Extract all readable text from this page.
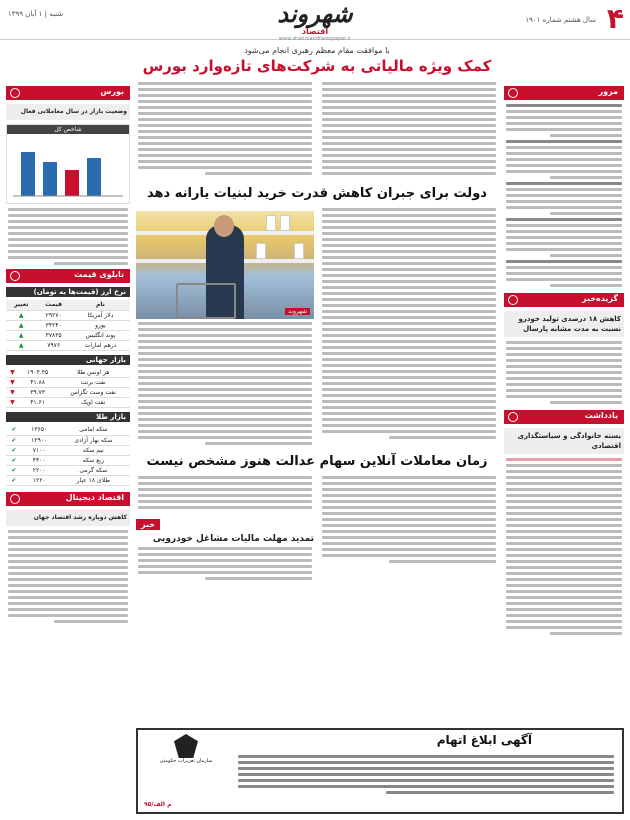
۴
سال هشتم شماره ۱۹۰۱
شنبه | ۱ آبان ۱۳۹۹	شهروند
اقتصاد
www.shahrvandnewspaper.ir
مرور
گزیده‌خبر
کاهش ۱۸ درصدی تولید خودرو نسبت به مدت مشابه پارسال
یادداشت
بسته خانوادگی و سیاستگذاری اقتصادی
با موافقت مقام معظم رهبری انجام می‌شود
کمک ویژه مالیاتی به شرکت‌های تازه‌وارد بورس
دولت برای جبران کاهش قدرت خرید لبنیات یارانه دهد
شهروند
زمان معاملات آنلاین سهام عدالت هنوز مشخص نیست
خبر
تمدید مهلت مالیات مشاغل خودرویی
بورس
وضعیت بازار در سال معاملاتی فعال
شاخص کل
تابلوی قیمت
نرخ ارز (قیمت‌ها به تومان)
نام	قیمت	تغییر
دلار آمریکا	۲۹۲۷۰	▲
یورو	۳۴۲۴۰	▲
پوند انگلیس	۳۷۸۳۵	▲
درهم امارات	۷۹۷۶	▲
بازار جهانی
هر اونس طلا	۱۹۰۴.۳۵	▼
نفت برنت	۴۱.۸۸	▼
نفت وست تگزاس	۳۹.۷۳	▼
نفت اوپک	۴۱.۶۱	▼
بازار طلا
سکه امامی	۱۳۶۵۰	✔
سکه بهار آزادی	۱۲۹۰۰	✔
نیم سکه	۷۱۰۰	✔
ربع سکه	۴۴۰۰	✔
سکه گرمی	۲۲۰۰	✔
طلای ۱۸ عیار	۱۲۲۰	✔
اقتصاد دیجیتال
کاهش دوباره رشد اقتصاد جهان
آگهی ابلاغ اتهام
سازمان تعزیرات حکومتی
م الف/۹۵
